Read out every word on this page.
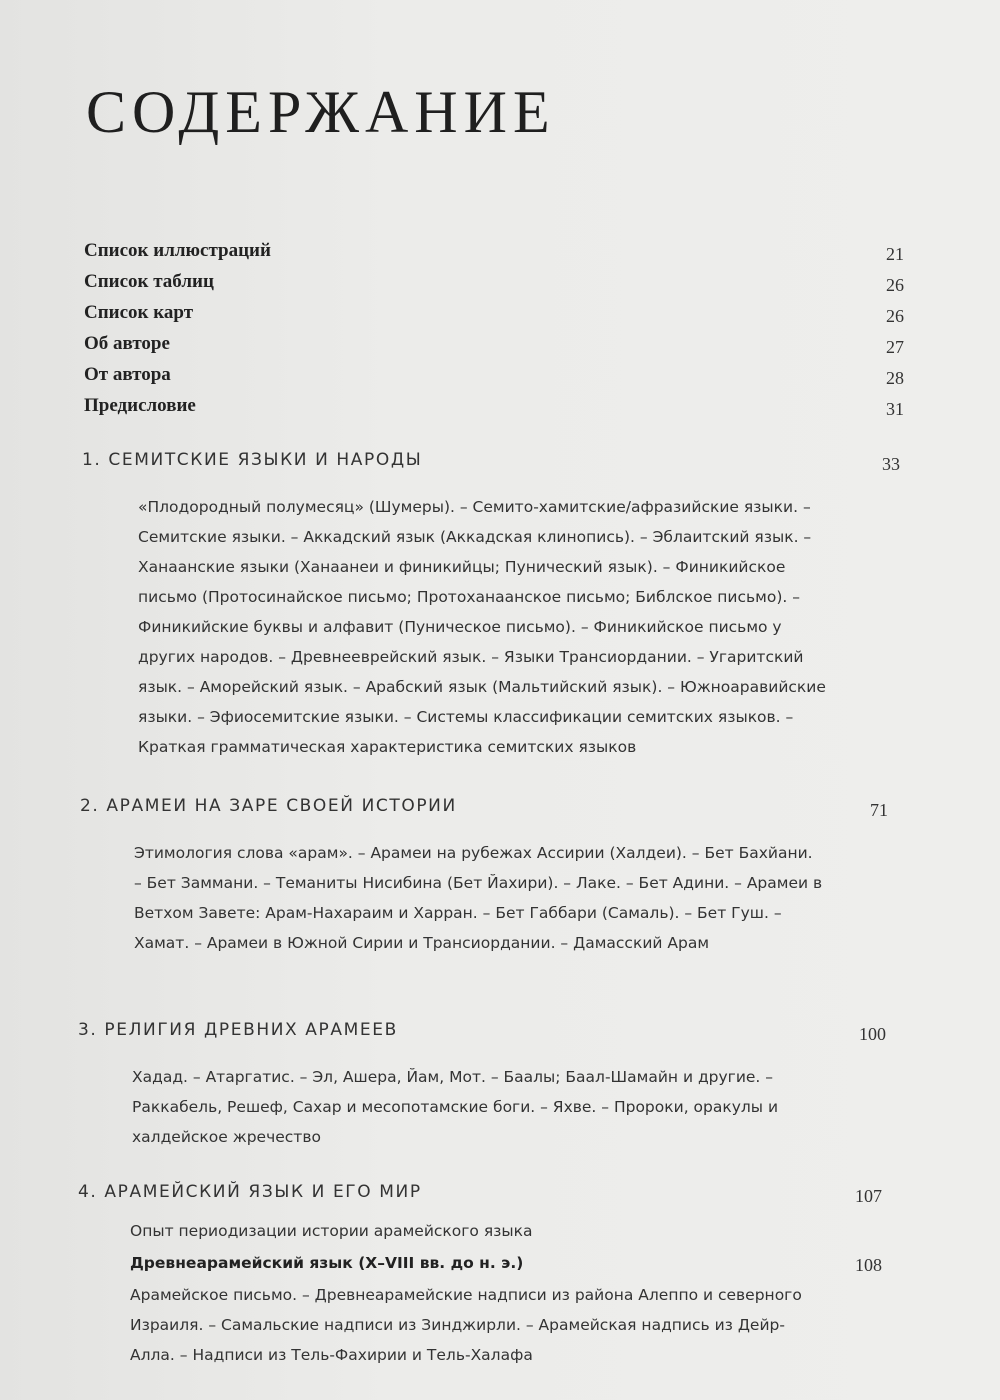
СОДЕРЖАНИЕ
Список иллюстраций	21
Список таблиц	26
Список карт	26
Об авторе	27
От автора	28
Предисловие	31
1. СЕМИТСКИЕ ЯЗЫКИ И НАРОДЫ	33
«Плодородный полумесяц» (Шумеры). – Семито-хамитские/афразийские языки. – Семитские языки. – Аккадский язык (Аккадская клинопись). – Эблаитский язык. – Ханаанские языки (Ханаанеи и финикийцы; Пунический язык). – Финикийское письмо (Протосинайское письмо; Протоханаанское письмо; Библское письмо). – Финикийские буквы и алфавит (Пуническое письмо). – Финикийское письмо у других народов. – Древнееврейский язык. – Языки Трансиордании. – Угаритский язык. – Аморейский язык. – Арабский язык (Мальтийский язык). – Южноаравийские языки. – Эфиосемитские языки. – Системы классификации семитских языков. – Краткая грамматическая характеристика семитских языков
2. АРАМЕИ НА ЗАРЕ СВОЕЙ ИСТОРИИ	71
Этимология слова «арам». – Арамеи на рубежах Ассирии (Халдеи). – Бет Бахйани. – Бет Заммани. – Теманиты Нисибина (Бет Йахири). – Лаке. – Бет Адини. – Арамеи в Ветхом Завете: Арам-Нахараим и Харран. – Бет Габбари (Самаль). – Бет Гуш. – Хамат. – Арамеи в Южной Сирии и Трансиордании. – Дамасский Арам
3. РЕЛИГИЯ ДРЕВНИХ АРАМЕЕВ	100
Хадад. – Атаргатис. – Эл, Ашера, Йам, Мот. – Баалы; Баал-Шамайн и другие. – Раккабель, Решеф, Сахар и месопотамские боги. – Яхве. – Пророки, оракулы и халдейское жречество
4. АРАМЕЙСКИЙ ЯЗЫК И ЕГО МИР	107
Опыт периодизации истории арамейского языка
Древнеарамейский язык (X–VIII вв. до н. э.)	108
Арамейское письмо. – Древнеарамейские надписи из района Алеппо и северного Израиля. – Самальские надписи из Зинджирли. – Арамейская надпись из Дейр-Алла. – Надписи из Тель-Фахирии и Тель-Халафа
